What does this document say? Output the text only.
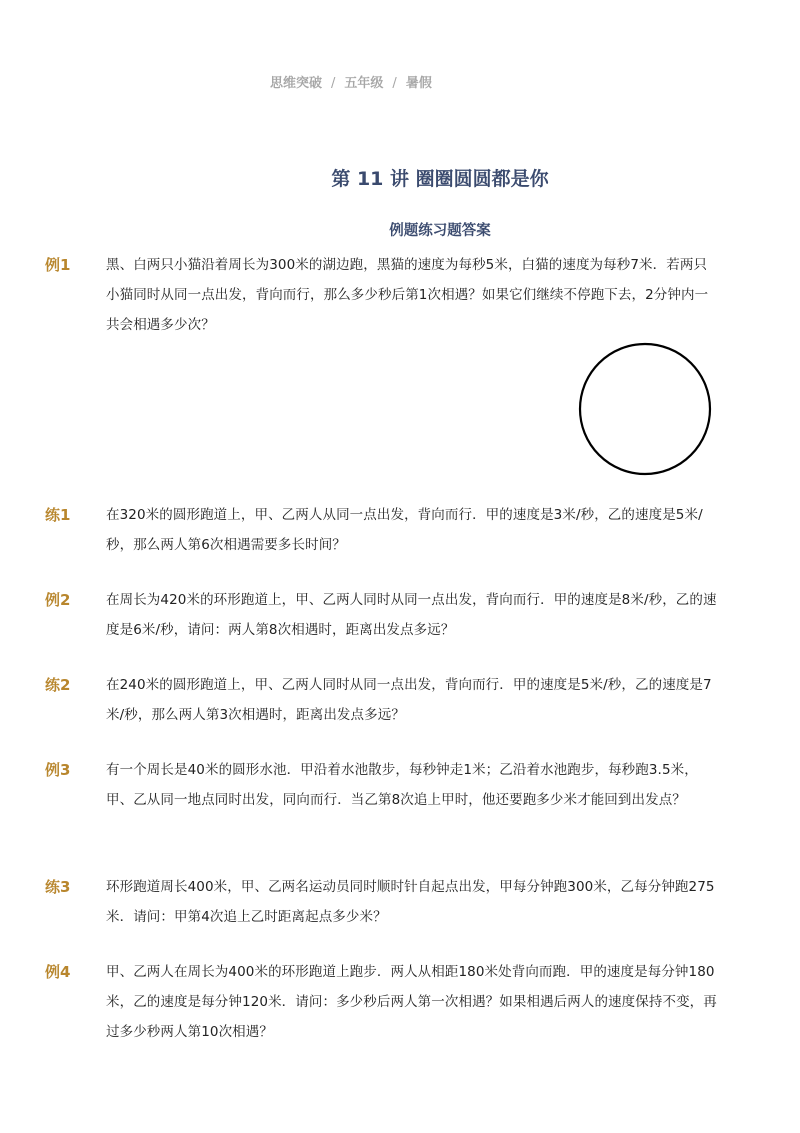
思维突破 / 五年级 / 暑假
第 11 讲 圈圈圆圆都是你
例题练习题答案
例1	黑、白两只小猫沿着周长为300米的湖边跑，黑猫的速度为每秒5米，白猫的速度为每秒7米．若两只小猫同时从同一点出发，背向而行，那么多少秒后第1次相遇？如果它们继续不停跑下去，2分钟内一共会相遇多少次？
练1	在320米的圆形跑道上，甲、乙两人从同一点出发，背向而行．甲的速度是3米/秒，乙的速度是5米/秒，那么两人第6次相遇需要多长时间？
例2	在周长为420米的环形跑道上，甲、乙两人同时从同一点出发，背向而行．甲的速度是8米/秒，乙的速度是6米/秒，请问：两人第8次相遇时，距离出发点多远？
练2	在240米的圆形跑道上，甲、乙两人同时从同一点出发，背向而行．甲的速度是5米/秒，乙的速度是7米/秒，那么两人第3次相遇时，距离出发点多远？
例3	有一个周长是40米的圆形水池．甲沿着水池散步，每秒钟走1米；乙沿着水池跑步，每秒跑3.5米，甲、乙从同一地点同时出发，同向而行．当乙第8次追上甲时，他还要跑多少米才能回到出发点？
练3	环形跑道周长400米，甲、乙两名运动员同时顺时针自起点出发，甲每分钟跑300米，乙每分钟跑275米．请问：甲第4次追上乙时距离起点多少米？
例4	甲、乙两人在周长为400米的环形跑道上跑步．两人从相距180米处背向而跑．甲的速度是每分钟180米，乙的速度是每分钟120米．请问：多少秒后两人第一次相遇？如果相遇后两人的速度保持不变，再过多少秒两人第10次相遇？
